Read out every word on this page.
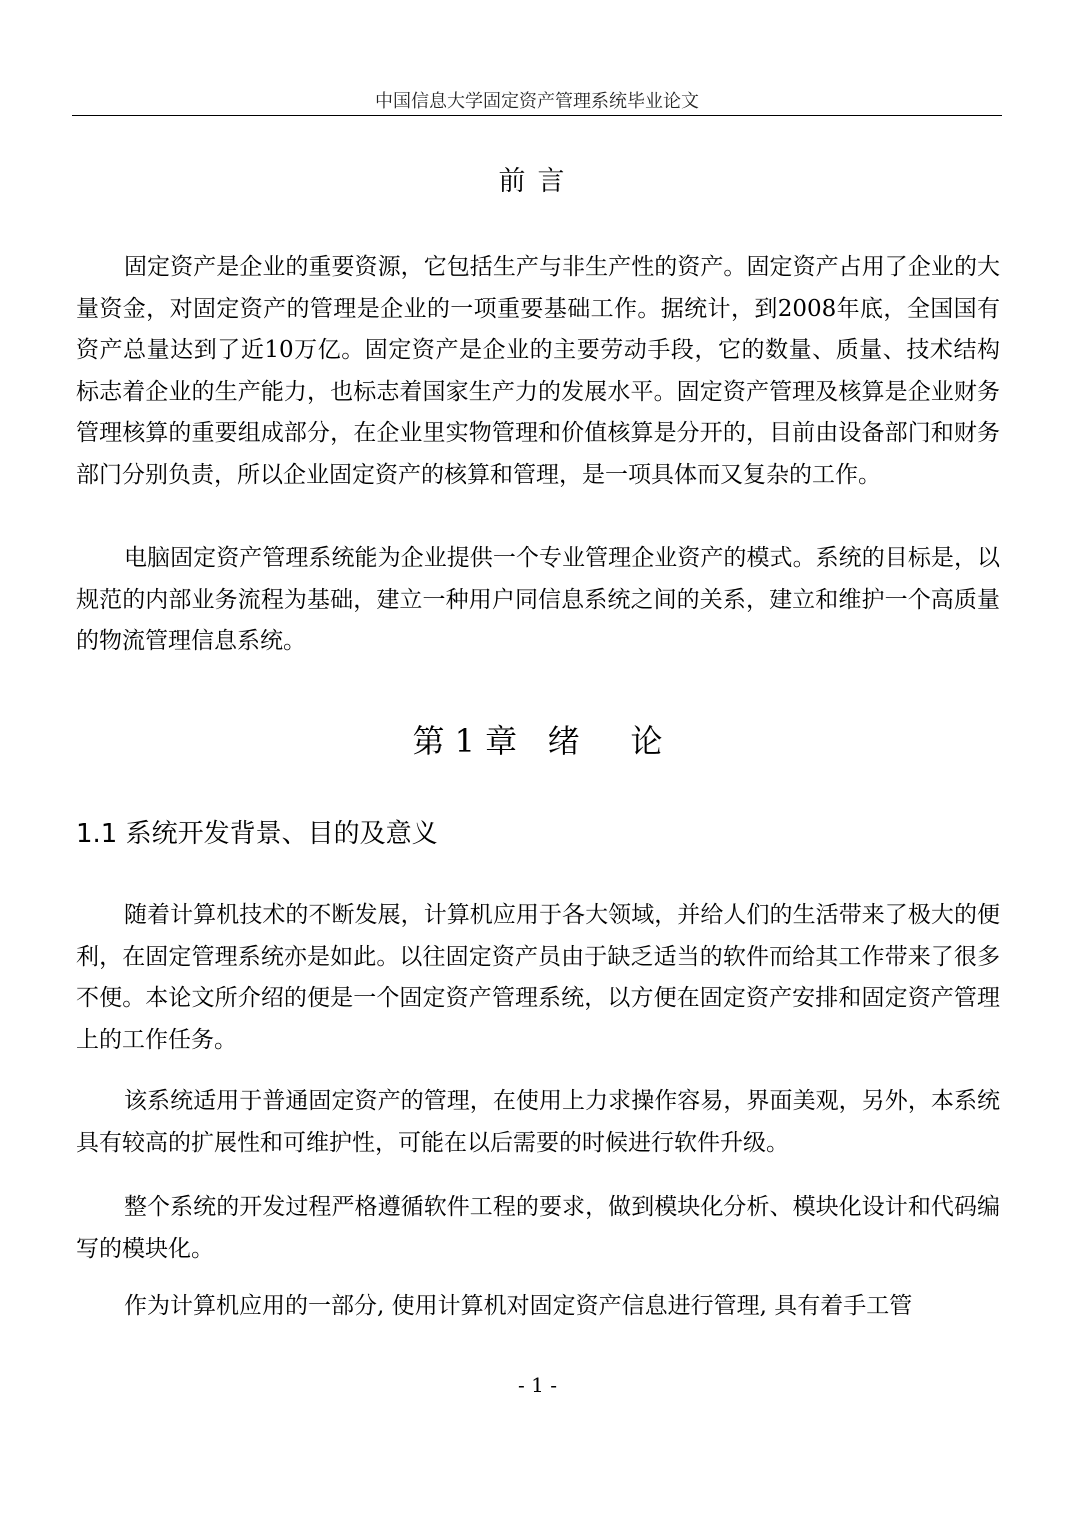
中国信息大学固定资产管理系统毕业论文
前言

固定资产是企业的重要资源，它包括生产与非生产性的资产。固定资产占用了企业的大量资金，对固定资产的管理是企业的一项重要基础工作。据统计，到2008年底，全国国有资产总量达到了近10万亿。固定资产是企业的主要劳动手段，它的数量、质量、技术结构标志着企业的生产能力，也标志着国家生产力的发展水平。固定资产管理及核算是企业财务管理核算的重要组成部分，在企业里实物管理和价值核算是分开的，目前由设备部门和财务部门分别负责，所以企业固定资产的核算和管理，是一项具体而又复杂的工作。

电脑固定资产管理系统能为企业提供一个专业管理企业资产的模式。系统的目标是，以规范的内部业务流程为基础，建立一种用户同信息系统之间的关系，建立和维护一个高质量的物流管理信息系统。

第 1 章   绪     论
1.1 系统开发背景、目的及意义

随着计算机技术的不断发展，计算机应用于各大领域，并给人们的生活带来了极大的便利，在固定管理系统亦是如此。以往固定资产员由于缺乏适当的软件而给其工作带来了很多不便。本论文所介绍的便是一个固定资产管理系统，以方便在固定资产安排和固定资产管理上的工作任务。

该系统适用于普通固定资产的管理，在使用上力求操作容易，界面美观，另外，本系统具有较高的扩展性和可维护性，可能在以后需要的时候进行软件升级。

整个系统的开发过程严格遵循软件工程的要求，做到模块化分析、模块化设计和代码编写的模块化。

作为计算机应用的一部分, 使用计算机对固定资产信息进行管理, 具有着手工管

- 1 -
